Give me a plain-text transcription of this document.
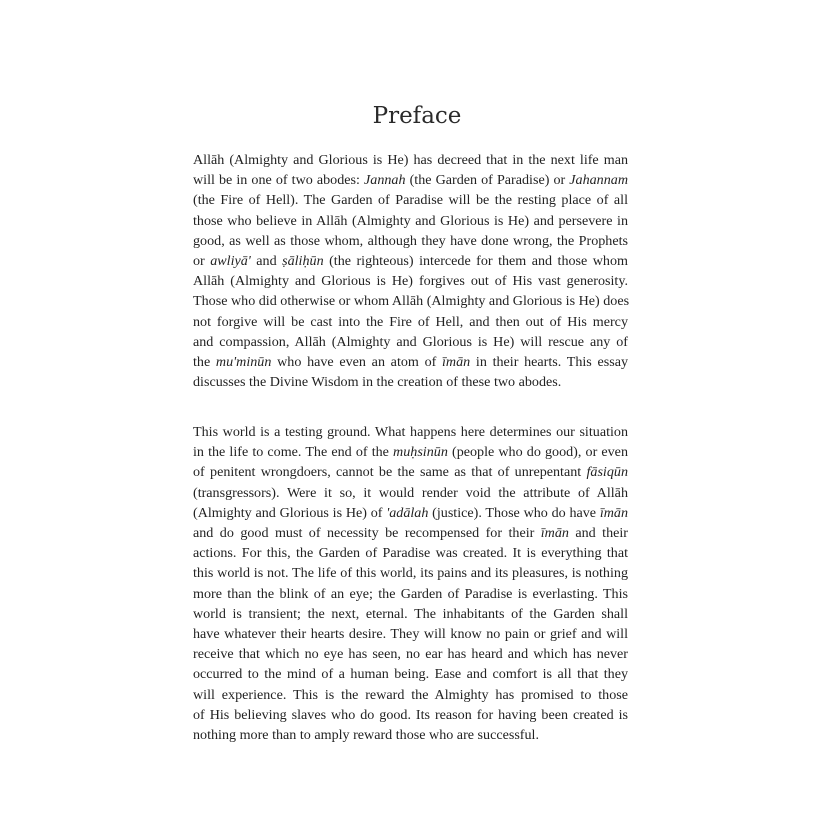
Preface
Allāh (Almighty and Glorious is He) has decreed that in the next life man
will be in one of two abodes: Jannah (the Garden of Paradise) or Jahannam
(the Fire of Hell). The Garden of Paradise will be the resting place of all
those who believe in Allāh (Almighty and Glorious is He) and persevere in
good, as well as those whom, although they have done wrong, the Prophets
or awliyā' and ṣāliḥūn (the righteous) intercede for them and those whom
Allāh (Almighty and Glorious is He) forgives out of His vast generosity.
Those who did otherwise or whom Allāh (Almighty and Glorious is He) does
not forgive will be cast into the Fire of Hell, and then out of His mercy
and compassion, Allāh (Almighty and Glorious is He) will rescue any of
the mu'minūn who have even an atom of īmān in their hearts. This essay
discusses the Divine Wisdom in the creation of these two abodes.
This world is a testing ground. What happens here determines our situation
in the life to come. The end of the muḥsinūn (people who do good), or even
of penitent wrongdoers, cannot be the same as that of unrepentant fāsiqūn
(transgressors). Were it so, it would render void the attribute of Allāh
(Almighty and Glorious is He) of 'adālah (justice). Those who do have īmān
and do good must of necessity be recompensed for their īmān and their
actions. For this, the Garden of Paradise was created. It is everything that
this world is not. The life of this world, its pains and its pleasures, is nothing
more than the blink of an eye; the Garden of Paradise is everlasting. This
world is transient; the next, eternal. The inhabitants of the Garden shall
have whatever their hearts desire. They will know no pain or grief and will
receive that which no eye has seen, no ear has heard and which has never
occurred to the mind of a human being. Ease and comfort is all that they
will experience. This is the reward the Almighty has promised to those
of His believing slaves who do good. Its reason for having been created is
nothing more than to amply reward those who are successful.
